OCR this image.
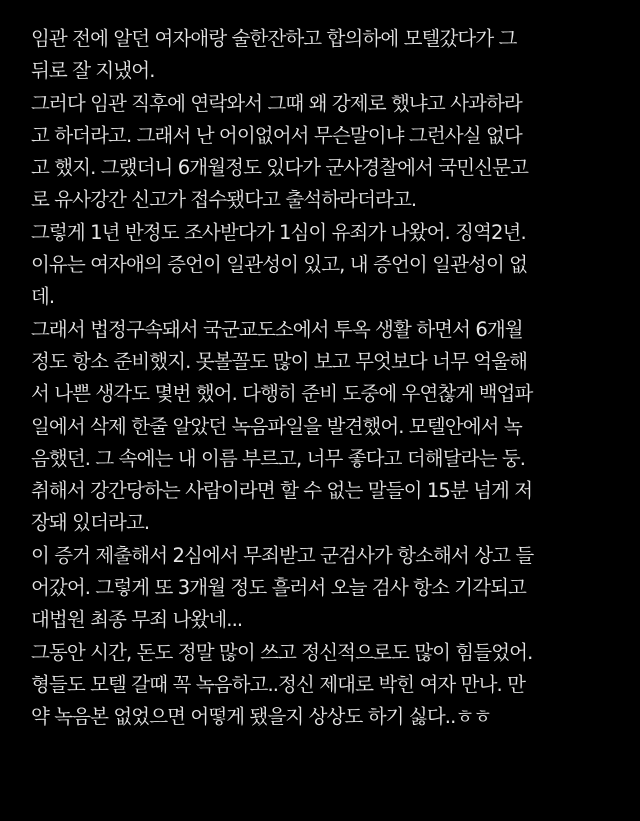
임관 전에 알던 여자애랑 술한잔하고 합의하에 모텔갔다가 그
뒤로 잘 지냈어.
그러다 임관 직후에 연락와서 그때 왜 강제로 했냐고 사과하라
고 하더라고. 그래서 난 어이없어서 무슨말이냐 그런사실 없다
고 했지. 그랬더니 6개월정도 있다가 군사경찰에서 국민신문고
로 유사강간 신고가 접수됐다고 출석하라더라고.
그렇게 1년 반정도 조사받다가 1심이 유죄가 나왔어. 징역2년.
이유는 여자애의 증언이 일관성이 있고, 내 증언이 일관성이 없
데.
그래서 법정구속돼서 국군교도소에서 투옥 생활 하면서 6개월
정도 항소 준비했지. 못볼꼴도 많이 보고 무엇보다 너무 억울해
서 나쁜 생각도 몇번 했어. 다행히 준비 도중에 우연찮게 백업파
일에서 삭제 한줄 알았던 녹음파일을 발견했어. 모텔안에서 녹
음했던. 그 속에는 내 이름 부르고, 너무 좋다고 더해달라는 둥.
취해서 강간당하는 사람이라면 할 수 없는 말들이 15분 넘게 저
장돼 있더라고.
이 증거 제출해서 2심에서 무죄받고 군검사가 항소해서 상고 들
어갔어. 그렇게 또 3개월 정도 흘러서 오늘 검사 항소 기각되고
대법원 최종 무죄 나왔네...
그동안 시간, 돈도 정말 많이 쓰고 정신적으로도 많이 힘들었어.
형들도 모텔 갈때 꼭 녹음하고..정신 제대로 박힌 여자 만나. 만
약 녹음본 없었으면 어떻게 됐을지 상상도 하기 싫다..ㅎㅎ
